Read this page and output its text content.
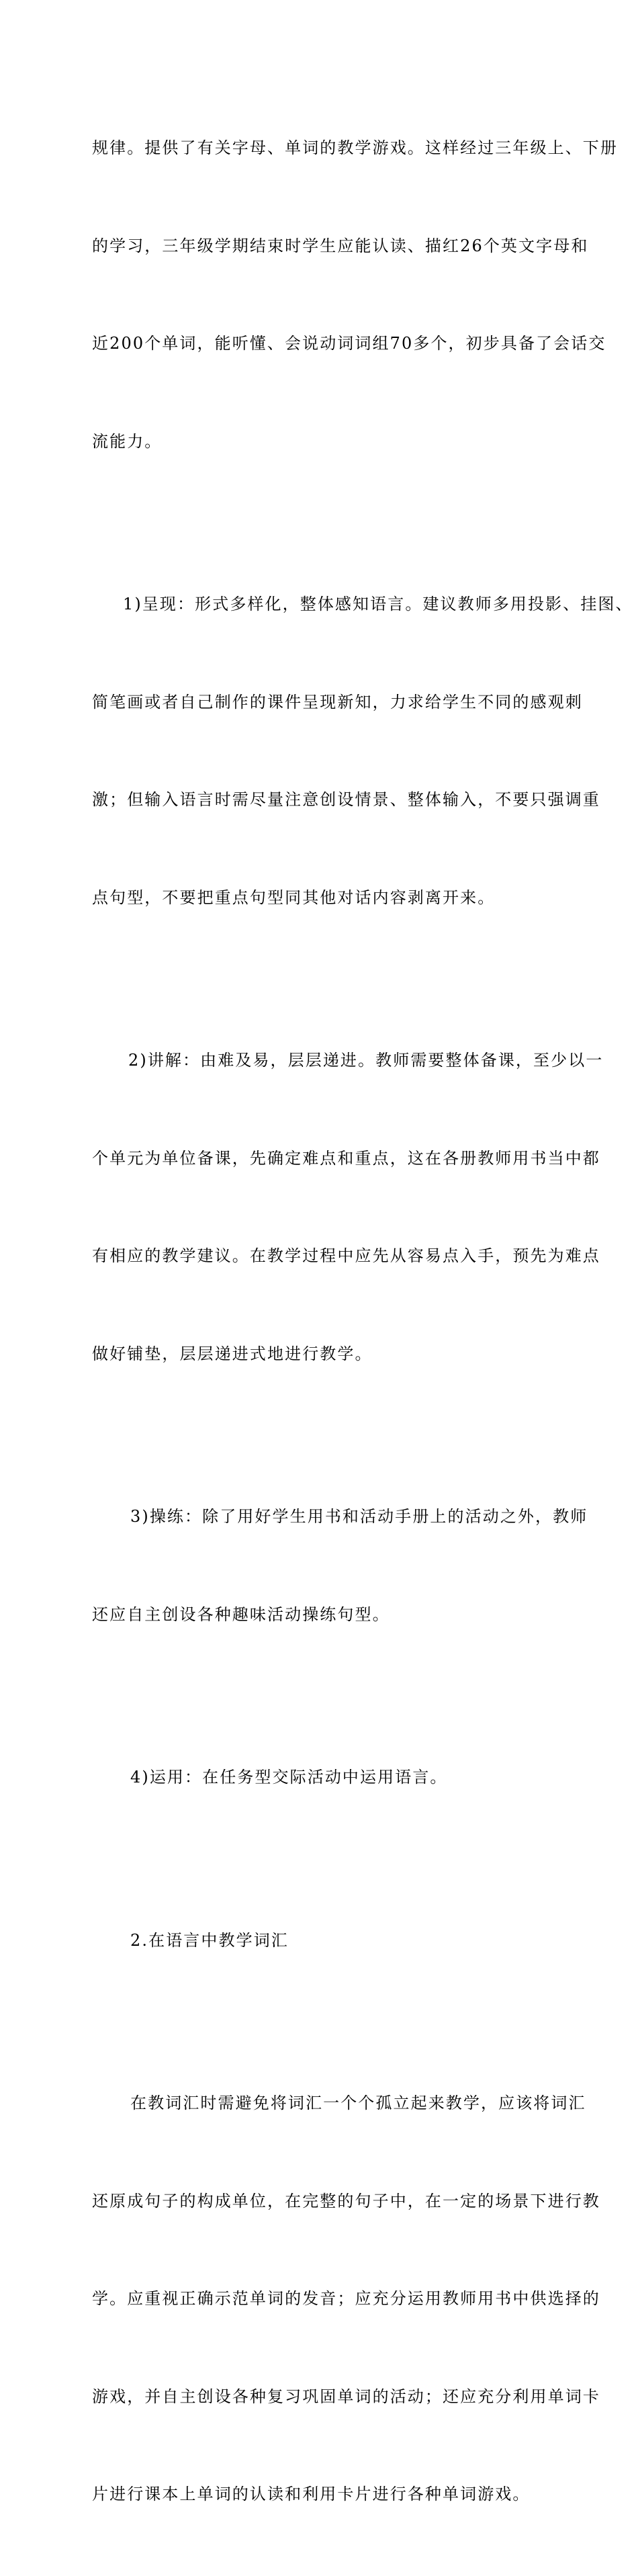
规律。提供了有关字母、单词的教学游戏。这样经过三年级上、下册

的学习，三年级学期结束时学生应能认读、描红26个英文字母和

近200个单词，能听懂、会说动词词组70多个，初步具备了会话交

流能力。

1)呈现：形式多样化，整体感知语言。建议教师多用投影、挂图、

简笔画或者自己制作的课件呈现新知，力求给学生不同的感观刺

激；但输入语言时需尽量注意创设情景、整体输入，不要只强调重

点句型，不要把重点句型同其他对话内容剥离开来。

2)讲解：由难及易，层层递进。教师需要整体备课，至少以一

个单元为单位备课，先确定难点和重点，这在各册教师用书当中都

有相应的教学建议。在教学过程中应先从容易点入手，预先为难点

做好铺垫，层层递进式地进行教学。

3)操练：除了用好学生用书和活动手册上的活动之外，教师

还应自主创设各种趣味活动操练句型。

4)运用：在任务型交际活动中运用语言。

2.在语言中教学词汇

在教词汇时需避免将词汇一个个孤立起来教学，应该将词汇

还原成句子的构成单位，在完整的句子中，在一定的场景下进行教

学。应重视正确示范单词的发音；应充分运用教师用书中供选择的

游戏，并自主创设各种复习巩固单词的活动；还应充分利用单词卡

片进行课本上单词的认读和利用卡片进行各种单词游戏。
